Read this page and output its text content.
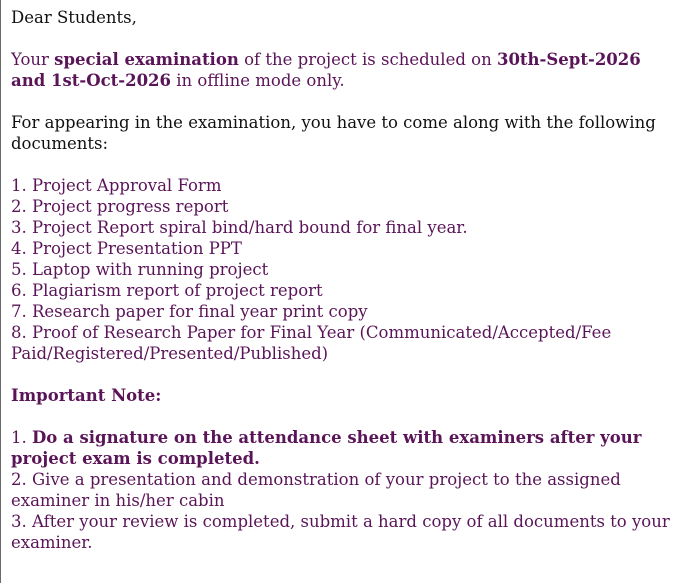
Dear Students,

Your special examination of the project is scheduled on 30th-Sept-2026 and 1st-Oct-2026 in offline mode only.

For appearing in the examination, you have to come along with the following documents:

1. Project Approval Form

2. Project progress report

3. Project Report spiral bind/hard bound for final year.

4. Project Presentation PPT

5. Laptop with running project

6. Plagiarism report of project report

7. Research paper for final year print copy

8. Proof of Research Paper for Final Year (Communicated/Accepted/Fee Paid/Registered/Presented/Published)

Important Note:

1. Do a signature on the attendance sheet with examiners after your project exam is completed.

2. Give a presentation and demonstration of your project to the assigned examiner in his/her cabin

3. After your review is completed, submit a hard copy of all documents to your examiner.
